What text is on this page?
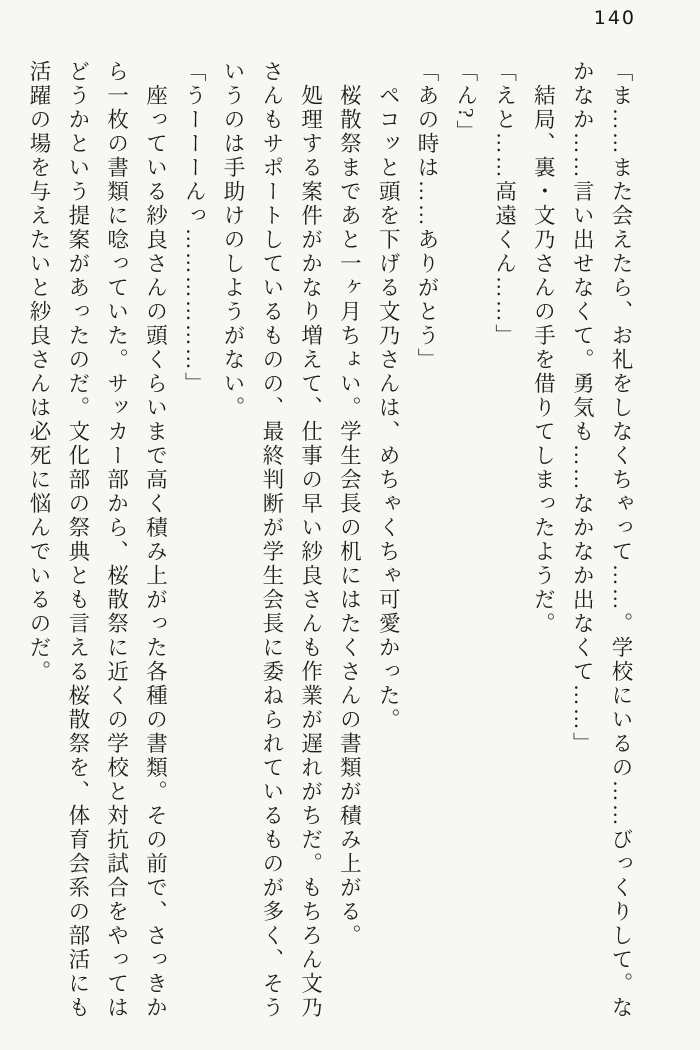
140

「ま……また会えたら、お礼をしなくちゃって……。学校にいるの……びっくりして。な

かなか……言い出せなくて。勇気も……なかなか出なくて……」

結局、裏・文乃さんの手を借りてしまったようだ。

「えと……高遠くん……」

「ん?」

「あの時は……ありがとう」

ペコッと頭を下げる文乃さんは、めちゃくちゃ可愛かった。

桜散祭まであと一ヶ月ちょい。学生会長の机にはたくさんの書類が積み上がる。

処理する案件がかなり増えて、仕事の早い紗良さんも作業が遅れがちだ。もちろん文乃

さんもサポートしているものの、最終判断が学生会長に委ねられているものが多く、そう

いうのは手助けのしようがない。

「うーーーんっ………………」

座っている紗良さんの頭くらいまで高く積み上がった各種の書類。その前で、さっきか

ら一枚の書類に唸っていた。サッカー部から、桜散祭に近くの学校と対抗試合をやっては

どうかという提案があったのだ。文化部の祭典とも言える桜散祭を、体育会系の部活にも

活躍の場を与えたいと紗良さんは必死に悩んでいるのだ。
